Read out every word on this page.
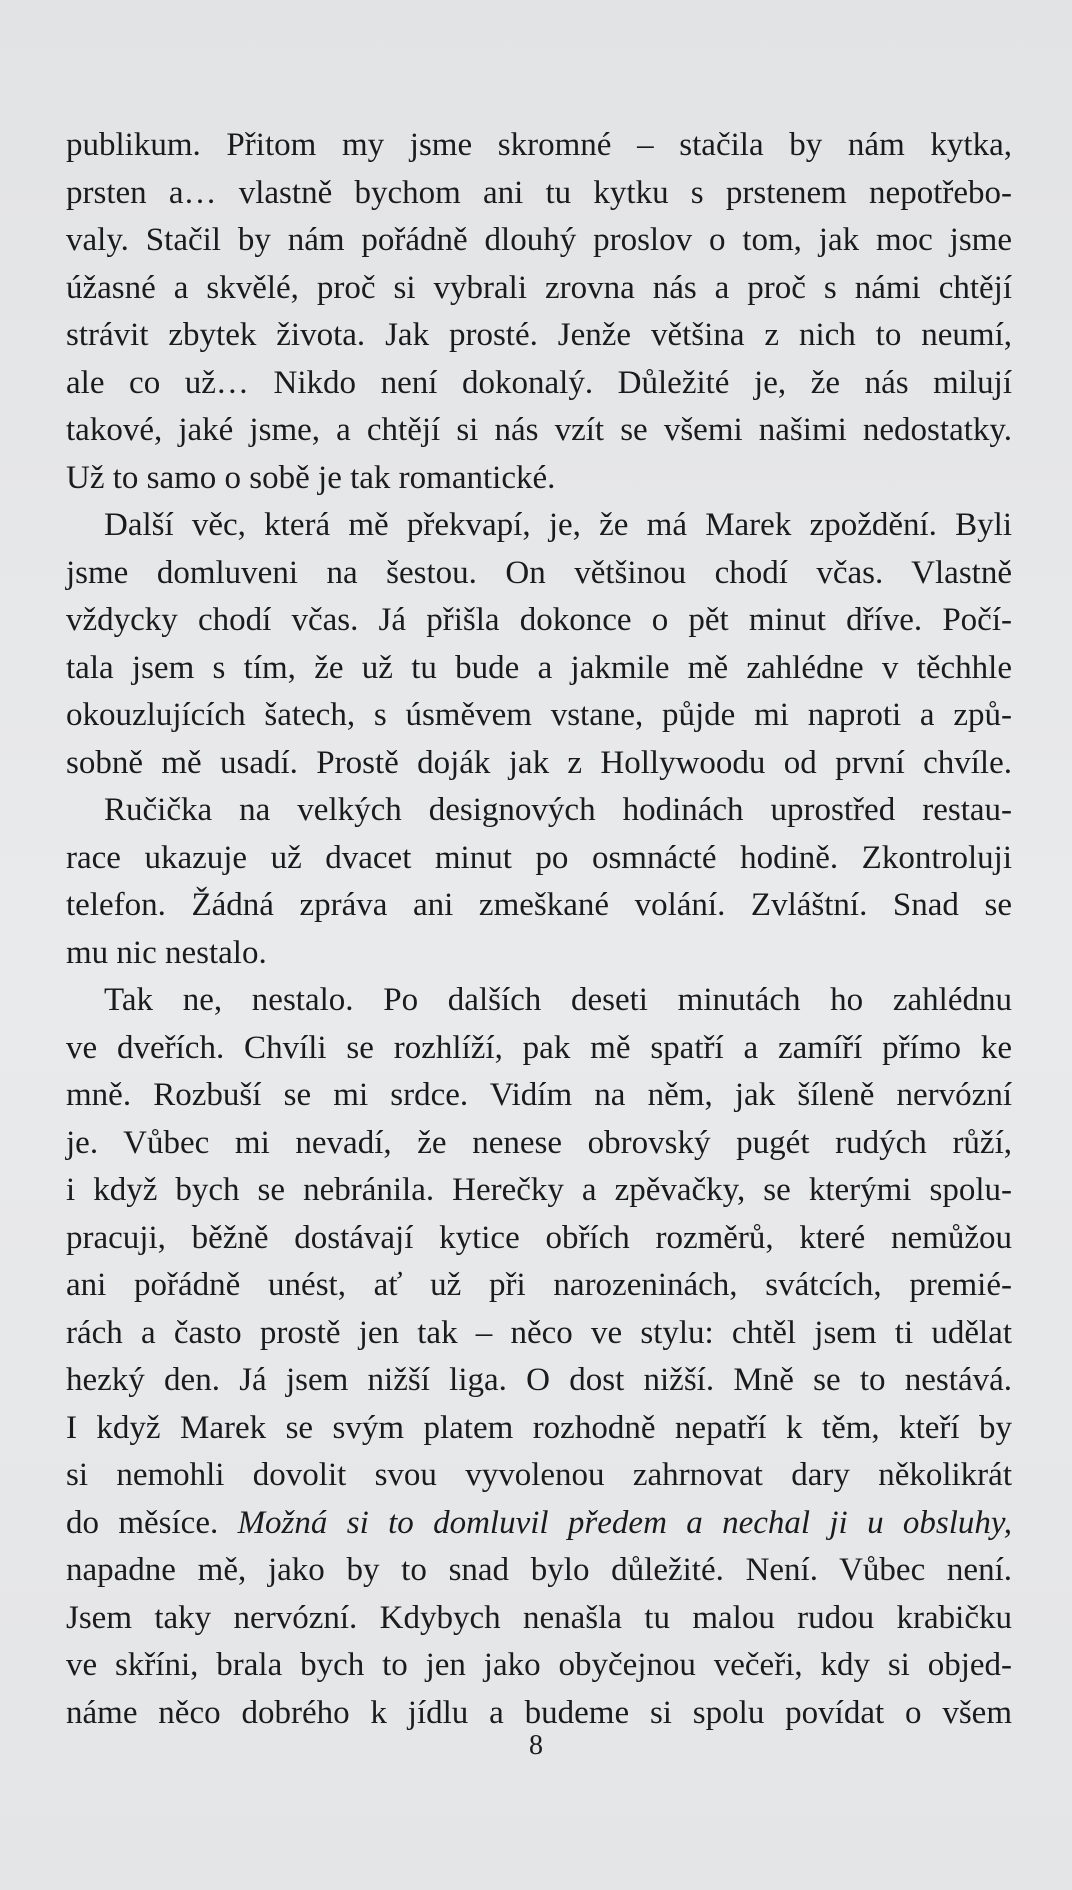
publikum. Přitom my jsme skromné – stačila by nám kytka,
prsten a… vlastně bychom ani tu kytku s prstenem nepotřebo-
valy. Stačil by nám pořádně dlouhý proslov o tom, jak moc jsme
úžasné a skvělé, proč si vybrali zrovna nás a proč s námi chtějí
strávit zbytek života. Jak prosté. Jenže většina z nich to neumí,
ale co už… Nikdo není dokonalý. Důležité je, že nás milují
takové, jaké jsme, a chtějí si nás vzít se všemi našimi nedostatky.
Už to samo o sobě je tak romantické.
Další věc, která mě překvapí, je, že má Marek zpoždění. Byli
jsme domluveni na šestou. On většinou chodí včas. Vlastně
vždycky chodí včas. Já přišla dokonce o pět minut dříve. Počí-
tala jsem s tím, že už tu bude a jakmile mě zahlédne v těchhle
okouzlujících šatech, s úsměvem vstane, půjde mi naproti a způ-
sobně mě usadí. Prostě doják jak z Hollywoodu od první chvíle.
Ručička na velkých designových hodinách uprostřed restau-
race ukazuje už dvacet minut po osmnácté hodině. Zkontroluji
telefon. Žádná zpráva ani zmeškané volání. Zvláštní. Snad se
mu nic nestalo.
Tak ne, nestalo. Po dalších deseti minutách ho zahlédnu
ve dveřích. Chvíli se rozhlíží, pak mě spatří a zamíří přímo ke
mně. Rozbuší se mi srdce. Vidím na něm, jak šíleně nervózní
je. Vůbec mi nevadí, že nenese obrovský pugét rudých růží,
i když bych se nebránila. Herečky a zpěvačky, se kterými spolu-
pracuji, běžně dostávají kytice obřích rozměrů, které nemůžou
ani pořádně unést, ať už při narozeninách, svátcích, premié-
rách a často prostě jen tak – něco ve stylu: chtěl jsem ti udělat
hezký den. Já jsem nižší liga. O dost nižší. Mně se to nestává.
I když Marek se svým platem rozhodně nepatří k těm, kteří by
si nemohli dovolit svou vyvolenou zahrnovat dary několikrát
do měsíce. Možná si to domluvil předem a nechal ji u obsluhy,
napadne mě, jako by to snad bylo důležité. Není. Vůbec není.
Jsem taky nervózní. Kdybych nenašla tu malou rudou krabičku
ve skříni, brala bych to jen jako obyčejnou večeři, kdy si objed-
náme něco dobrého k jídlu a budeme si spolu povídat o všem
8
